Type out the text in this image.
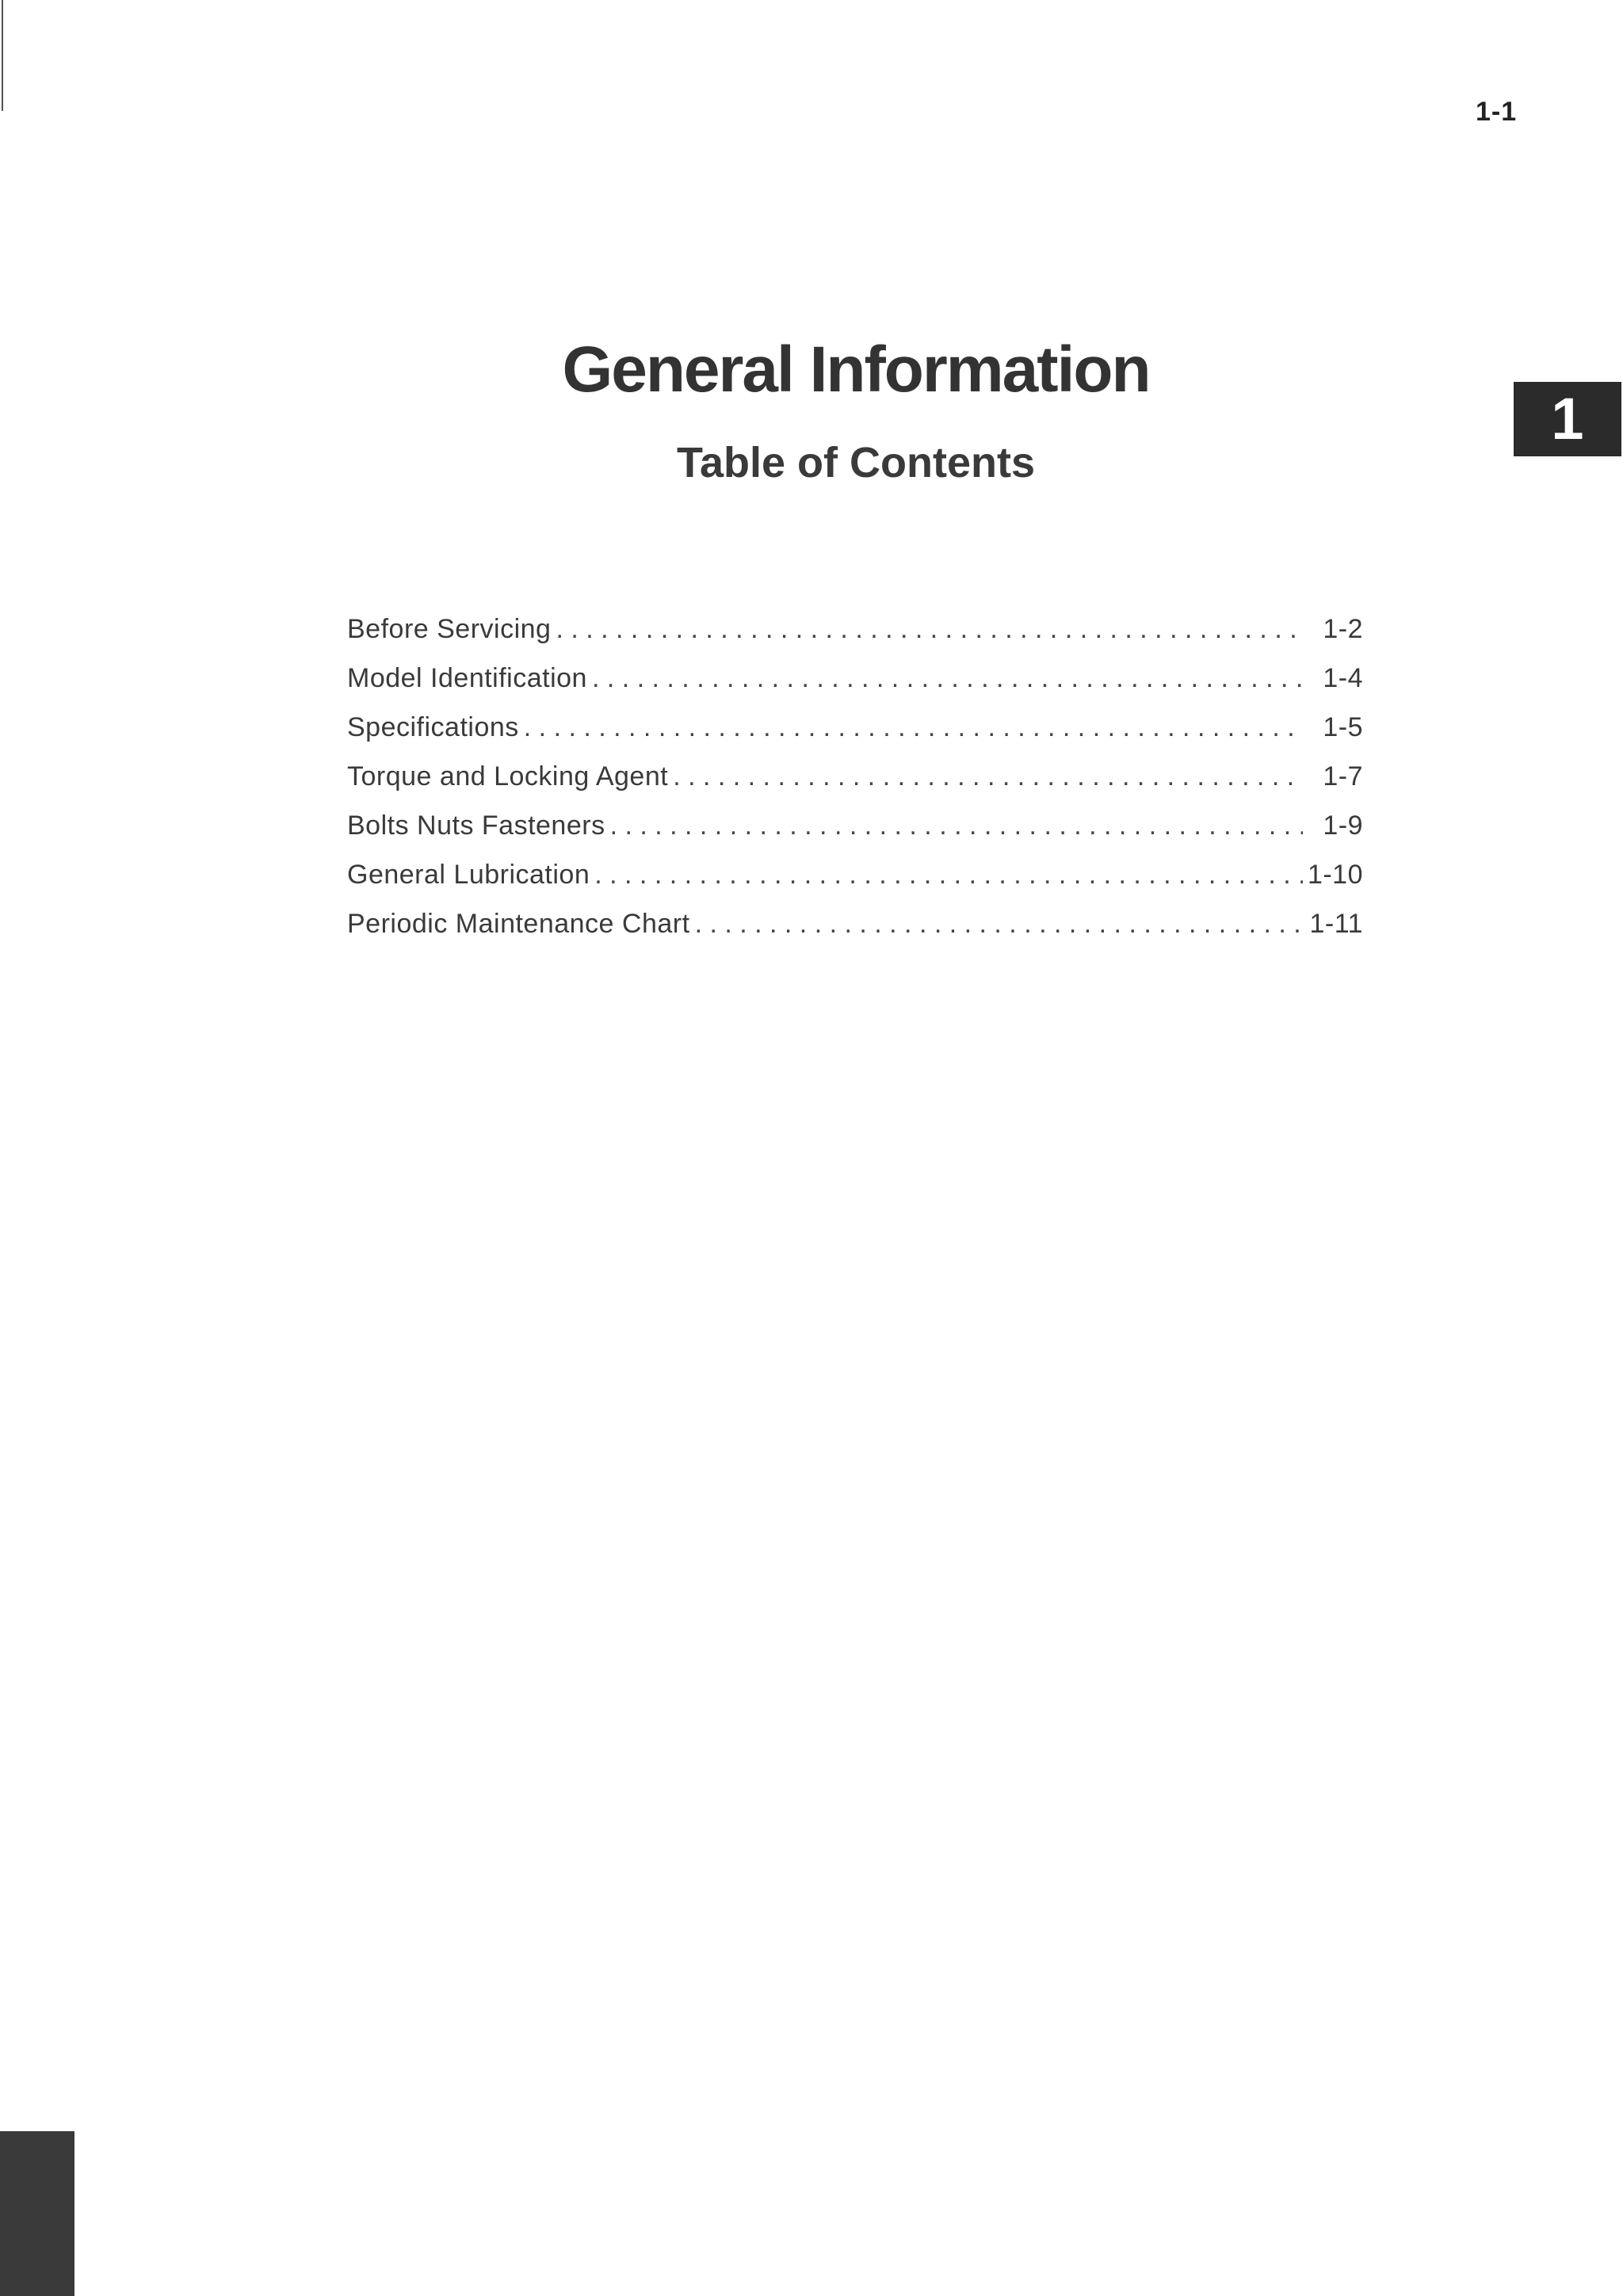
1-1
1
General Information
Table of Contents
Before Servicing . . .	1-2
Model Identification . . .	1-4
Specifications . . .	1-5
Torque and Locking Agent . . .	1-7
Bolts Nuts Fasteners . . .	1-9
General Lubrication . . .	1-10
Periodic Maintenance Chart . . .	1-11
